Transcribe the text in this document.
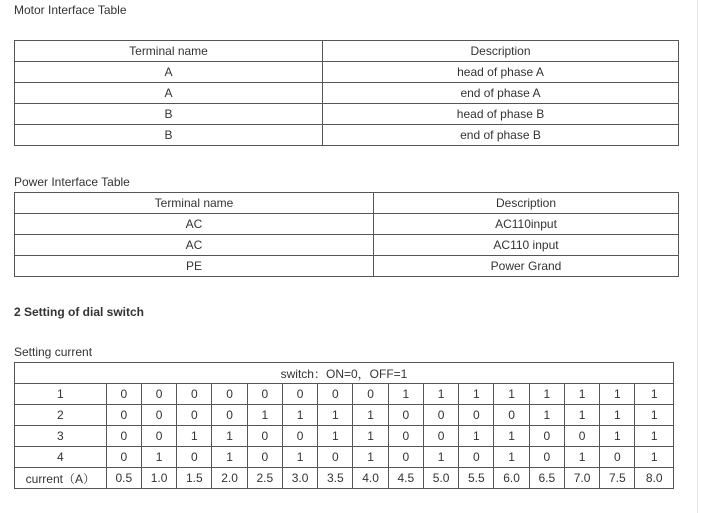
Motor Interface Table
Terminal name	Description
A	head of phase A
A	end of phase A
B	head of phase B
B	end of phase B
Power Interface Table
Terminal name	Description
AC	AC110input
AC	AC110 input
PE	Power Grand
2 Setting of dial switch
Setting current
switch：ON=0，OFF=1																
1	0	0	0	0	0	0	0	0	1	1	1	1	1	1	1	1
2	0	0	0	0	1	1	1	1	0	0	0	0	1	1	1	1
3	0	0	1	1	0	0	1	1	0	0	1	1	0	0	1	1
4	0	1	0	1	0	1	0	1	0	1	0	1	0	1	0	1
current（A）	0.5	1.0	1.5	2.0	2.5	3.0	3.5	4.0	4.5	5.0	5.5	6.0	6.5	7.0	7.5	8.0
